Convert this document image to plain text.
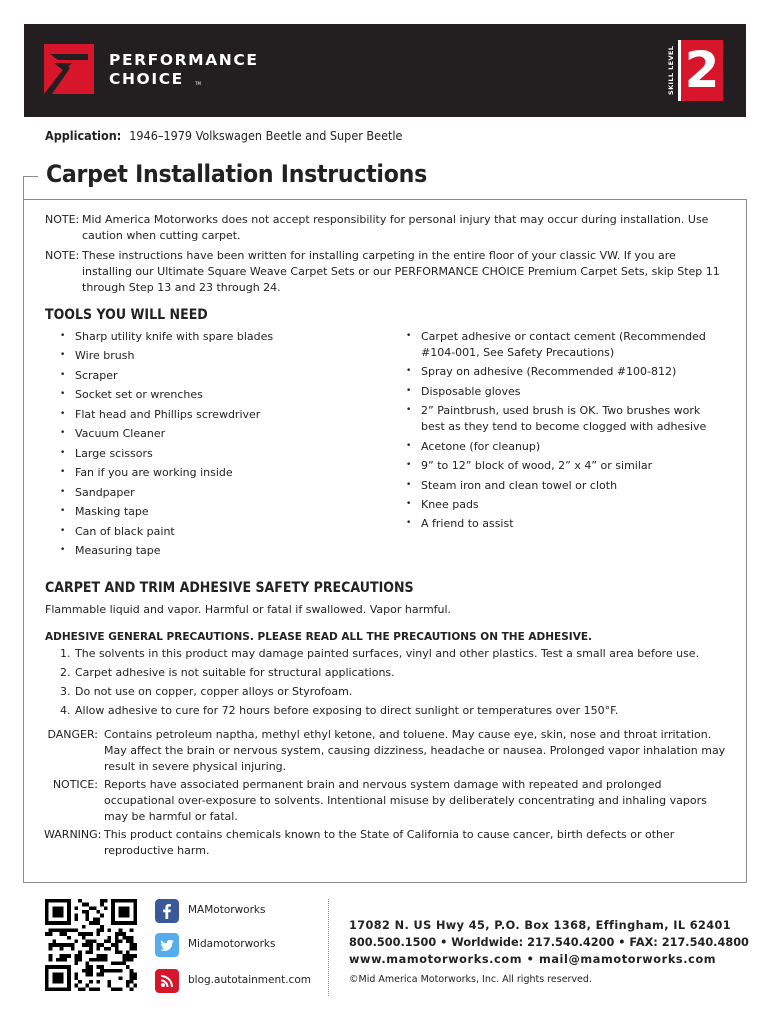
PERFORMANCE
CHOICE	TM	SKILL LEVEL 2
Application: 1946–1979 Volkswagen Beetle and Super Beetle
Carpet Installation Instructions
NOTE: Mid America Motorworks does not accept responsibility for personal injury that may occur during installation. Use caution when cutting carpet.
NOTE: These instructions have been written for installing carpeting in the entire floor of your classic VW. If you are installing our Ultimate Square Weave Carpet Sets or our PERFORMANCE CHOICE Premium Carpet Sets, skip Step 11 through Step 13 and 23 through 24.
TOOLS YOU WILL NEED
• Sharp utility knife with spare blades
• Wire brush
• Scraper
• Socket set or wrenches
• Flat head and Phillips screwdriver
• Vacuum Cleaner
• Large scissors
• Fan if you are working inside
• Sandpaper
• Masking tape
• Can of black paint
• Measuring tape
• Carpet adhesive or contact cement (Recommended #104-001, See Safety Precautions)
• Spray on adhesive (Recommended #100-812)
• Disposable gloves
• 2” Paintbrush, used brush is OK. Two brushes work best as they tend to become clogged with adhesive
• Acetone (for cleanup)
• 9” to 12” block of wood, 2” x 4” or similar
• Steam iron and clean towel or cloth
• Knee pads
• A friend to assist
CARPET AND TRIM ADHESIVE SAFETY PRECAUTIONS

Flammable liquid and vapor. Harmful or fatal if swallowed. Vapor harmful.

ADHESIVE GENERAL PRECAUTIONS. PLEASE READ ALL THE PRECAUTIONS ON THE ADHESIVE.

1. The solvents in this product may damage painted surfaces, vinyl and other plastics. Test a small area before use.
2. Carpet adhesive is not suitable for structural applications.
3. Do not use on copper, copper alloys or Styrofoam.
4. Allow adhesive to cure for 72 hours before exposing to direct sunlight or temperatures over 150°F.
DANGER: Contains petroleum naptha, methyl ethyl ketone, and toluene. May cause eye, skin, nose and throat irritation. May affect the brain or nervous system, causing dizziness, headache or nausea. Prolonged vapor inhalation may result in severe physical injuring.
NOTICE: Reports have associated permanent brain and nervous system damage with repeated and prolonged occupational over-exposure to solvents. Intentional misuse by deliberately concentrating and inhaling vapors may be harmful or fatal.
WARNING: This product contains chemicals known to the State of California to cause cancer, birth defects or other reproductive harm.
MAMotorworks
Midamotorworks
blog.autotainment.com
17082 N. US Hwy 45, P.O. Box 1368, Effingham, IL 62401
800.500.1500 • Worldwide: 217.540.4200 • FAX: 217.540.4800
www.mamotorworks.com • mail@mamotorworks.com
©Mid America Motorworks, Inc. All rights reserved.
